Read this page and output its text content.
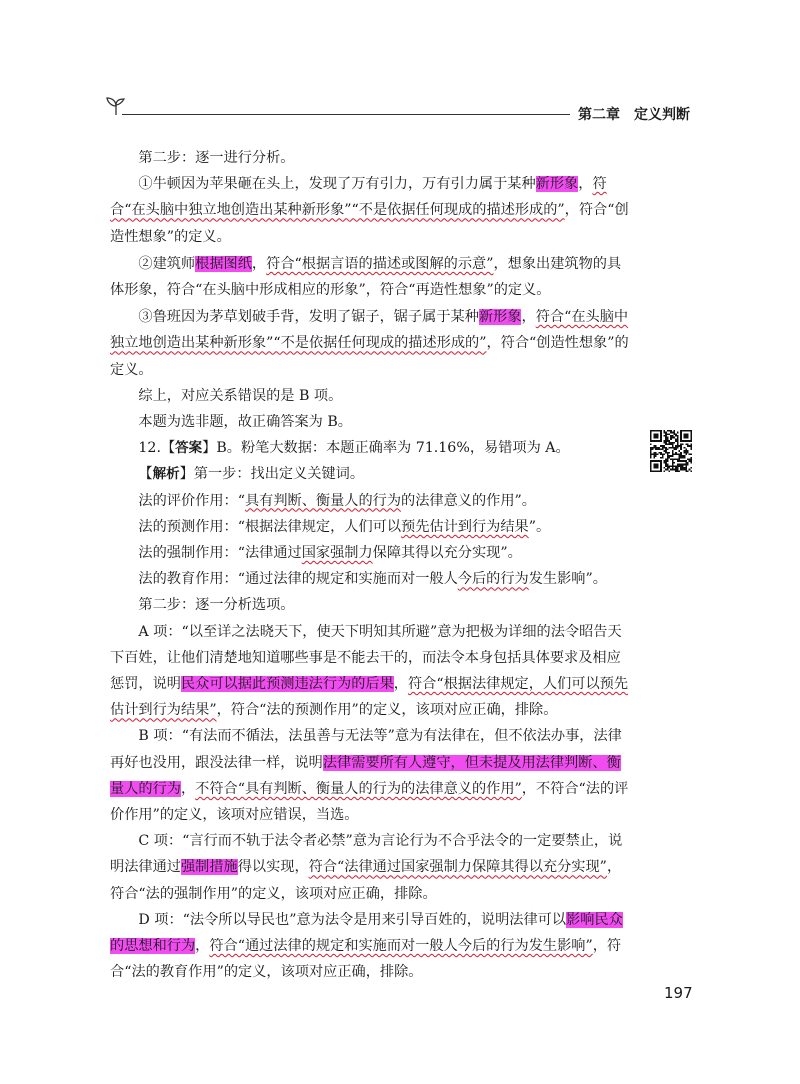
第二章 定义判断

第二步：逐一进行分析。

①牛顿因为苹果砸在头上，发现了万有引力，万有引力属于某种新形象，符合“在头脑中独立地创造出某种新形象”“不是依据任何现成的描述形成的”，符合“创造性想象”的定义。

②建筑师根据图纸，符合“根据言语的描述或图解的示意”，想象出建筑物的具体形象，符合“在头脑中形成相应的形象”，符合“再造性想象”的定义。

③鲁班因为茅草划破手背，发明了锯子，锯子属于某种新形象，符合“在头脑中独立地创造出某种新形象”“不是依据任何现成的描述形成的”，符合“创造性想象”的定义。

综上，对应关系错误的是 B 项。

本题为选非题，故正确答案为 B。

12.【答案】B。粉笔大数据：本题正确率为 71.16%，易错项为 A。

【解析】第一步：找出定义关键词。

法的评价作用：“具有判断、衡量人的行为的法律意义的作用”。

法的预测作用：“根据法律规定，人们可以预先估计到行为结果”。

法的强制作用：“法律通过国家强制力保障其得以充分实现”。

法的教育作用：“通过法律的规定和实施而对一般人今后的行为发生影响”。

第二步：逐一分析选项。

A 项：“以至详之法晓天下，使天下明知其所避”意为把极为详细的法令昭告天下百姓，让他们清楚地知道哪些事是不能去干的，而法令本身包括具体要求及相应惩罚，说明民众可以据此预测违法行为的后果，符合“根据法律规定，人们可以预先估计到行为结果”，符合“法的预测作用”的定义，该项对应正确，排除。

B 项：“有法而不循法，法虽善与无法等”意为有法律在，但不依法办事，法律再好也没用，跟没法律一样，说明法律需要所有人遵守，但未提及用法律判断、衡量人的行为，不符合“具有判断、衡量人的行为的法律意义的作用”，不符合“法的评价作用”的定义，该项对应错误，当选。

C 项：“言行而不轨于法令者必禁”意为言论行为不合乎法令的一定要禁止，说明法律通过强制措施得以实现，符合“法律通过国家强制力保障其得以充分实现”，符合“法的强制作用”的定义，该项对应正确，排除。

D 项：“法令所以导民也”意为法令是用来引导百姓的，说明法律可以影响民众的思想和行为，符合“通过法律的规定和实施而对一般人今后的行为发生影响”，符合“法的教育作用”的定义，该项对应正确，排除。

197
